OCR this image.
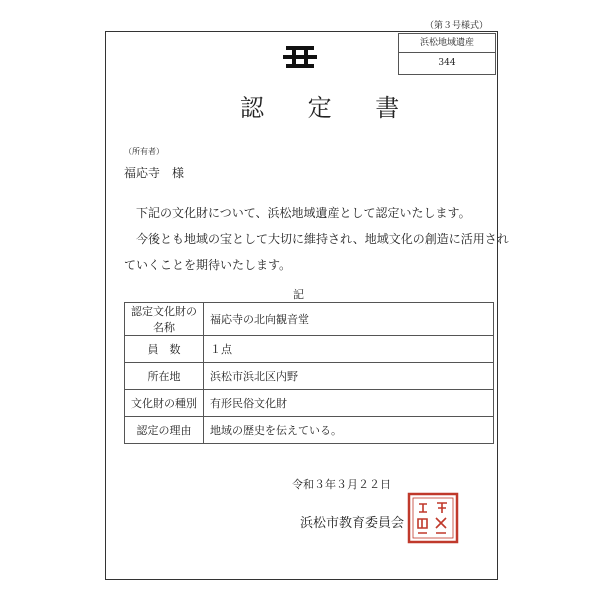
（第３号様式）
浜松地域遺産
344
認 定 書
（所有者）
福応寺　様
　下記の文化財について、浜松地域遺産として認定いたします。
　今後とも地域の宝として大切に維持され、地域文化の創造に活用され
ていくことを期待いたします。
記
認定文化財の名称	福応寺の北向観音堂
員　数	１点
所在地	浜松市浜北区内野
文化財の種別	有形民俗文化財
認定の理由	地域の歴史を伝えている。
令和３年３月２２日
浜松市教育委員会
